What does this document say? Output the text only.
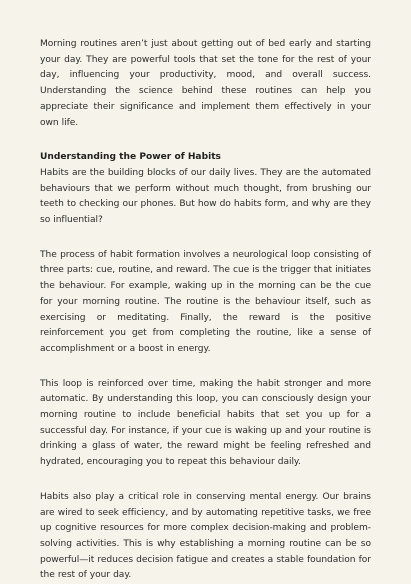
Morning routines aren’t just about getting out of bed early and starting your day. They are powerful tools that set the tone for the rest of your day, influencing your productivity, mood, and overall success. Understanding the science behind these routines can help you appreciate their significance and implement them effectively in your own life.

Understanding the Power of Habits

Habits are the building blocks of our daily lives. They are the automated behaviours that we perform without much thought, from brushing our teeth to checking our phones. But how do habits form, and why are they so influential?

The process of habit formation involves a neurological loop consisting of three parts: cue, routine, and reward. The cue is the trigger that initiates the behaviour. For example, waking up in the morning can be the cue for your morning routine. The routine is the behaviour itself, such as exercising or meditating. Finally, the reward is the positive reinforcement you get from completing the routine, like a sense of accomplishment or a boost in energy.

This loop is reinforced over time, making the habit stronger and more automatic. By understanding this loop, you can consciously design your morning routine to include beneficial habits that set you up for a successful day. For instance, if your cue is waking up and your routine is drinking a glass of water, the reward might be feeling refreshed and hydrated, encouraging you to repeat this behaviour daily.

Habits also play a critical role in conserving mental energy. Our brains are wired to seek efficiency, and by automating repetitive tasks, we free up cognitive resources for more complex decision-making and problem-solving activities. This is why establishing a morning routine can be so powerful—it reduces decision fatigue and creates a stable foundation for the rest of your day.
